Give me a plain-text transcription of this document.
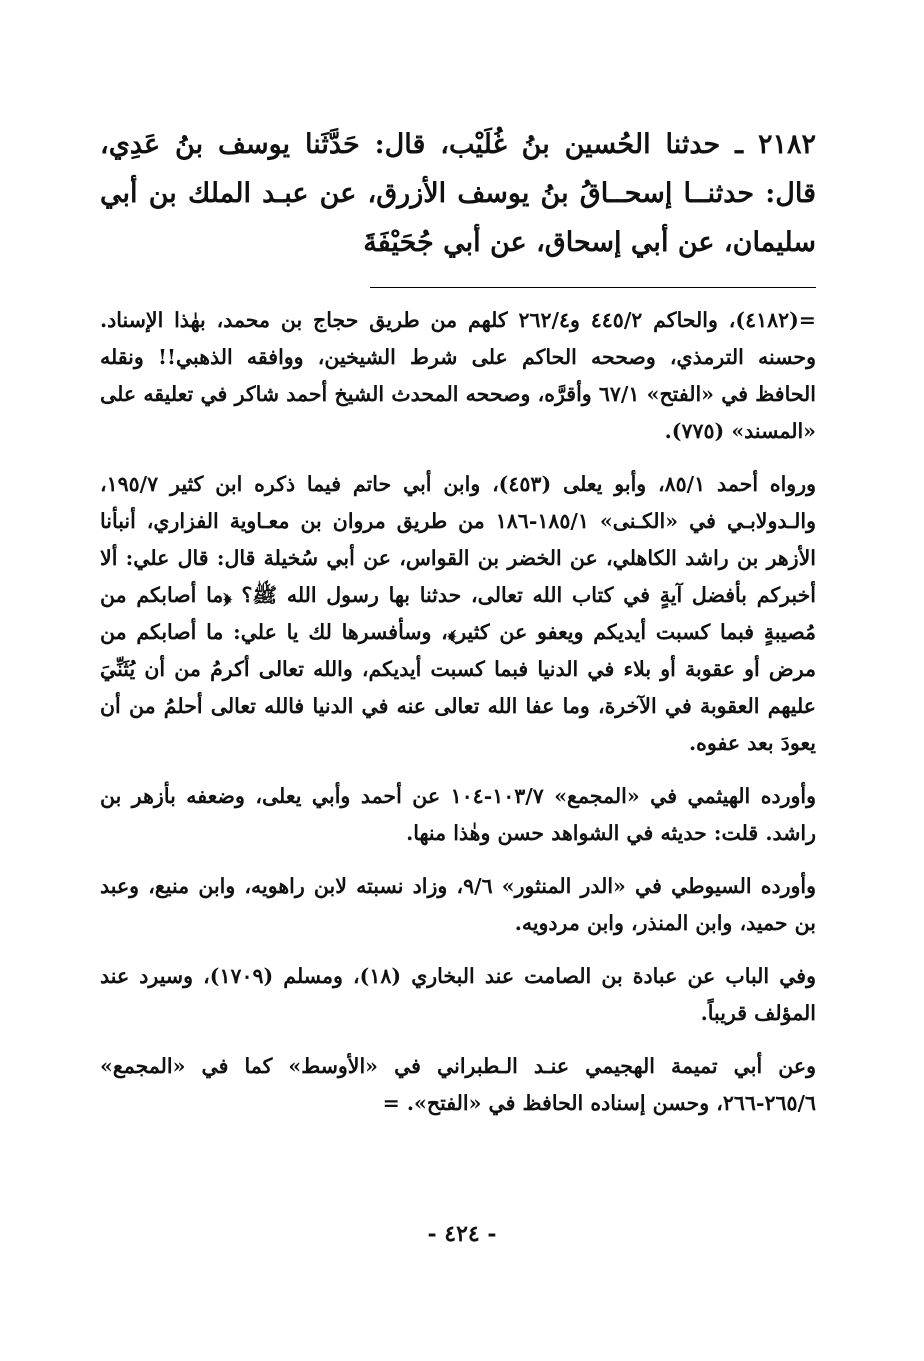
٢١٨٢ ـ حدثنا الحُسين بنُ غُلَيْب، قال: حَدَّثَنا يوسف بنُ عَدِي، قال: حدثنــا إسحــاقُ بنُ يوسف الأزرق، عن عبـد الملك بن أبي سليمان، عن أبي إسحاق، عن أبي جُحَيْفَةَ

=(٤١٨٢)، والحاكم ٤٤٥/٢ و٢٦٢/٤ كلهم من طريق حجاج بن محمد، بهٰذا الإسناد. وحسنه الترمذي، وصححه الحاكم على شرط الشيخين، ووافقه الذهبي!! ونقله الحافظ في «الفتح» ٦٧/١ وأقرَّه، وصححه المحدث الشيخ أحمد شاكر في تعليقه على «المسند» (٧٧٥).

ورواه أحمد ٨٥/١، وأبو يعلى (٤٥٣)، وابن أبي حاتم فيما ذكره ابن كثير ١٩٥/٧، والـدولابـي في «الكـنى» ١٨٥/١-١٨٦ من طريق مروان بن معـاوية الفزاري، أنبأنا الأزهر بن راشد الكاهلي، عن الخضر بن القواس، عن أبي سُخيلة قال: قال علي: ألا أخبركم بأفضل آيةٍ في كتاب الله تعالى، حدثنا بها رسول الله ﷺ؟ ﴿ما أصابكم من مُصيبةٍ فبما كسبت أيديكم ويعفو عن كثير﴾، وسأفسرها لك يا علي: ما أصابكم من مرض أو عقوبة أو بلاء في الدنيا فبما كسبت أيديكم، والله تعالى أكرمُ من أن يُثَنِّيَ عليهم العقوبة في الآخرة، وما عفا الله تعالى عنه في الدنيا فالله تعالى أحلمُ من أن يعودَ بعد عفوه.

وأورده الهيثمي في «المجمع» ١٠٣/٧-١٠٤ عن أحمد وأبي يعلى، وضعفه بأزهر بن راشد. قلت: حديثه في الشواهد حسن وهٰذا منها.

وأورده السيوطي في «الدر المنثور» ٩/٦، وزاد نسبته لابن راهويه، وابن منيع، وعبد بن حميد، وابن المنذر، وابن مردويه.

وفي الباب عن عبادة بن الصامت عند البخاري (١٨)، ومسلم (١٧٠٩)، وسيرد عند المؤلف قريباً.

وعن أبي تميمة الهجيمي عنـد الـطبراني في «الأوسط» كما في «المجمع» ٢٦٥/٦-٢٦٦، وحسن إسناده الحافظ في «الفتح». =

- ٤٢٤ -
